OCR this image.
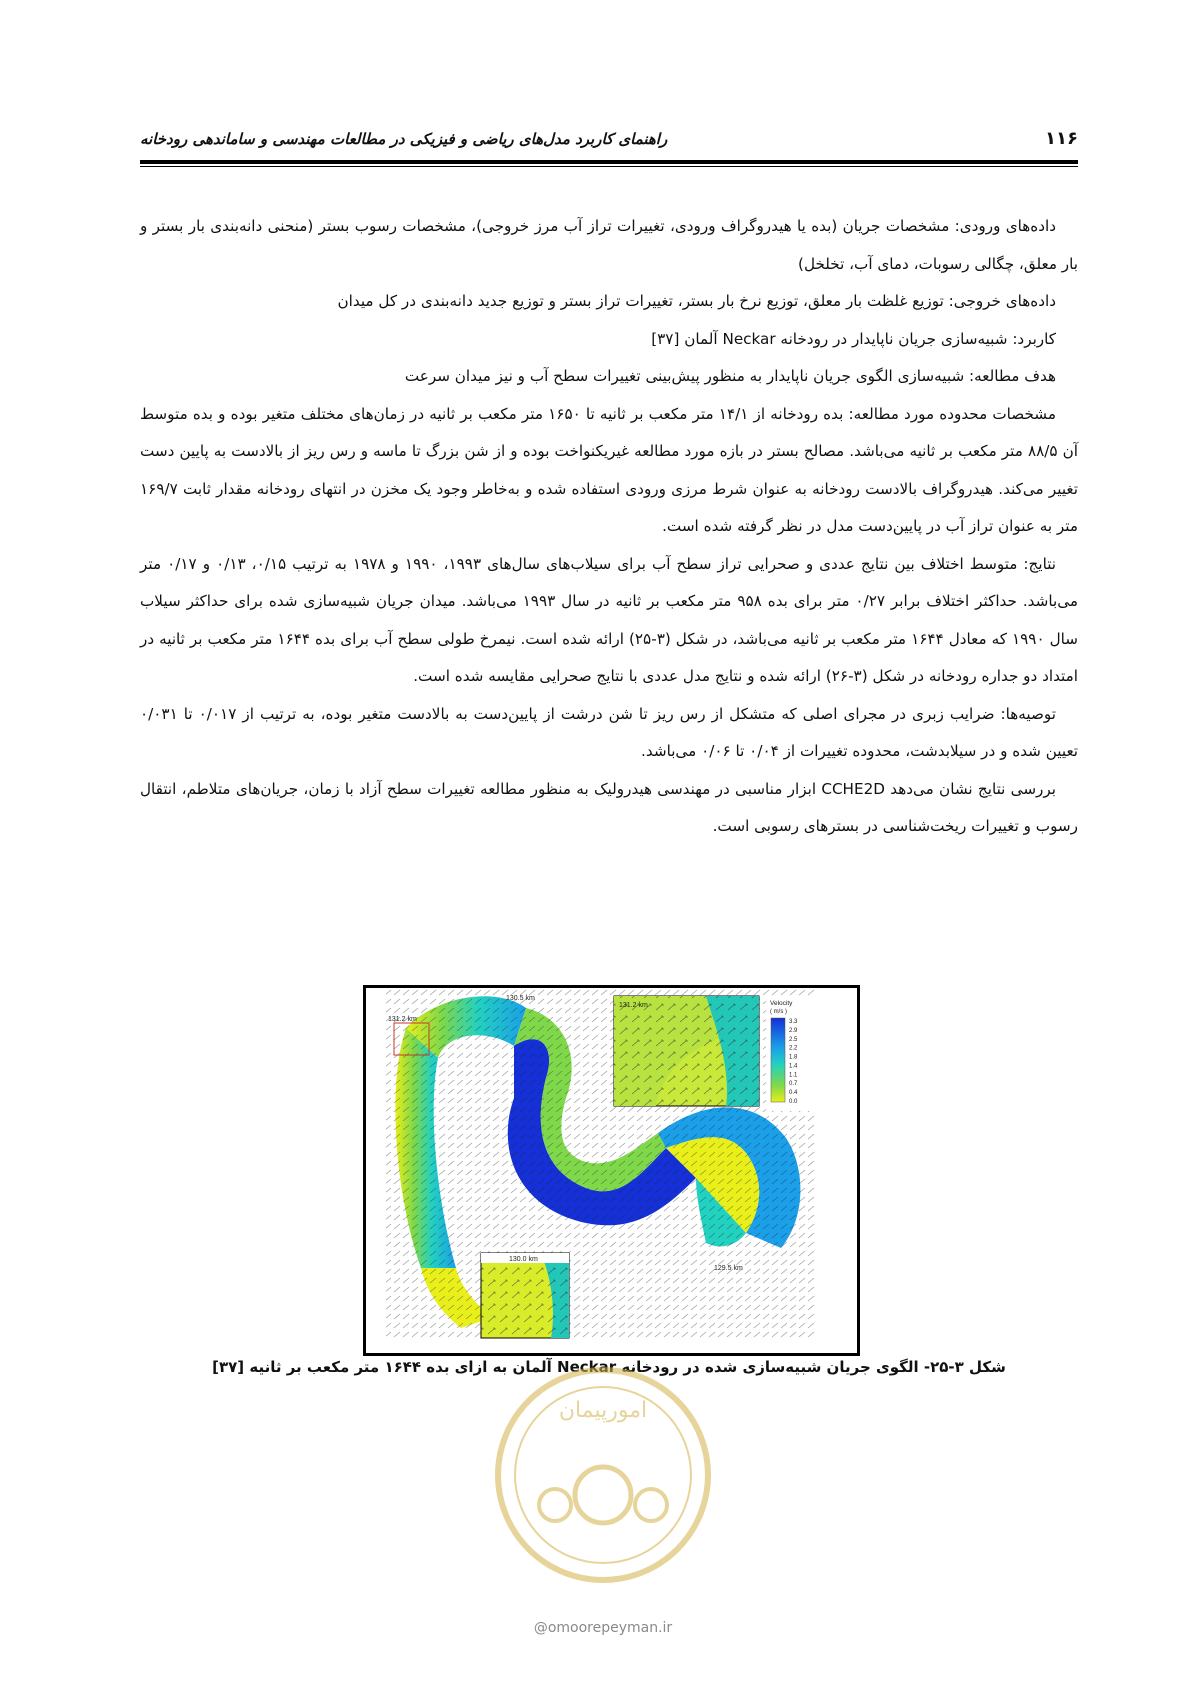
۱۱۶
راهنمای کاربرد مدل‌های ریاضی و فیزیکی در مطالعات مهندسی و ساماندهی رودخانه

داده‌های ورودی: مشخصات جریان (بده یا هیدروگراف ورودی، تغییرات تراز آب مرز خروجی)، مشخصات رسوب بستر (منحنی دانه‌بندی بار بستر و بار معلق، چگالی رسوبات، دمای آب، تخلخل)

داده‌های خروجی: توزیع غلظت بار معلق، توزیع نرخ بار بستر، تغییرات تراز بستر و توزیع جدید دانه‌بندی در کل میدان

کاربرد: شبیه‌سازی جریان ناپایدار در رودخانه Neckar آلمان [۳۷]

هدف مطالعه: شبیه‌سازی الگوی جریان ناپایدار به منظور پیش‌بینی تغییرات سطح آب و نیز میدان سرعت

مشخصات محدوده مورد مطالعه: بده رودخانه از ۱۴/۱ متر مکعب بر ثانیه تا ۱۶۵۰ متر مکعب بر ثانیه در زمان‌های مختلف متغیر بوده و بده متوسط آن ۸۸/۵ متر مکعب بر ثانیه می‌باشد. مصالح بستر در بازه مورد مطالعه غیریکنواخت بوده و از شن بزرگ تا ماسه و رس ریز از بالادست به پایین دست تغییر می‌کند. هیدروگراف بالادست رودخانه به عنوان شرط مرزی ورودی استفاده شده و به‌خاطر وجود یک مخزن در انتهای رودخانه مقدار ثابت ۱۶۹/۷ متر به عنوان تراز آب در پایین‌دست مدل در نظر گرفته شده است.

نتایج: متوسط اختلاف بین نتایج عددی و صحرایی تراز سطح آب برای سیلاب‌های سال‌های ۱۹۹۳، ۱۹۹۰ و ۱۹۷۸ به ترتیب ۰/۱۵، ۰/۱۳ و ۰/۱۷ متر می‌باشد. حداکثر اختلاف برابر ۰/۲۷ متر برای بده ۹۵۸ متر مکعب بر ثانیه در سال ۱۹۹۳ می‌باشد. میدان جریان شبیه‌سازی شده برای حداکثر سیلاب سال ۱۹۹۰ که معادل ۱۶۴۴ متر مکعب بر ثانیه می‌باشد، در شکل (۳-۲۵) ارائه شده است. نیمرخ طولی سطح آب برای بده ۱۶۴۴ متر مکعب بر ثانیه در امتداد دو جداره رودخانه در شکل (۳-۲۶) ارائه شده و نتایج مدل عددی با نتایج صحرایی مقایسه شده است.

توصیه‌ها: ضرایب زبری در مجرای اصلی که متشکل از رس ریز تا شن درشت از پایین‌دست به بالادست متغیر بوده، به ترتیب از ۰/۰۱۷ تا ۰/۰۳۱ تعیین شده و در سیلابدشت، محدوده تغییرات از ۰/۰۴ تا ۰/۰۶ می‌باشد.

بررسی نتایج نشان می‌دهد CCHE2D ابزار مناسبی در مهندسی هیدرولیک به منظور مطالعه تغییرات سطح آزاد با زمان، جریان‌های متلاطم، انتقال رسوب و تغییرات ریخت‌شناسی در بسترهای رسوبی است.

Island
131.2 km
130.5 km
129.5 km
131.2 km
130.0 km
Velocity
( m/s )
3.3
2.9
2.5
2.2
1.8
1.4
1.1
0.7
0.4
0.0
شکل ۳-۲۵- الگوی جریان شبیه‌سازی شده در رودخانه Neckar آلمان به ازای بده ۱۶۴۴ متر مکعب بر ثانیه [۳۷]
امورپیمان
@omoorepeyman.ir
